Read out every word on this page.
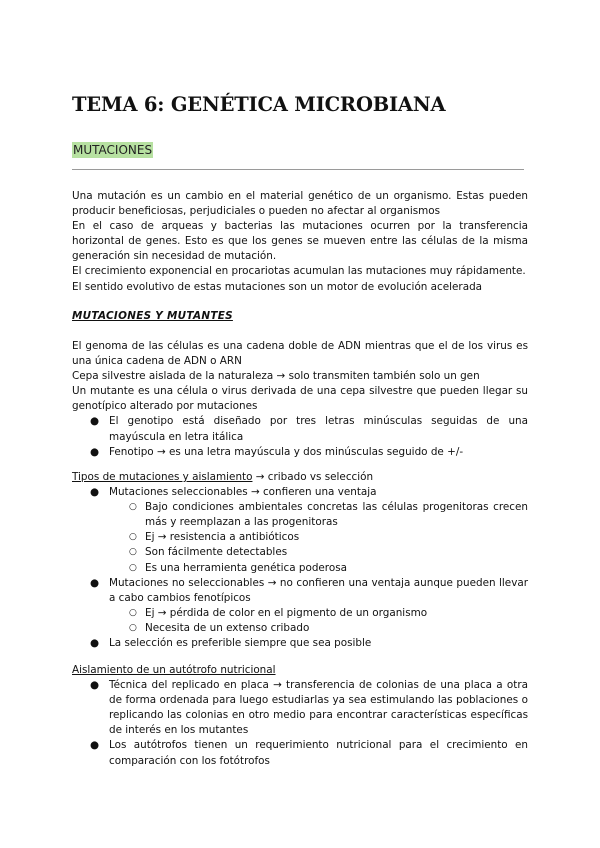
TEMA 6: GENÉTICA MICROBIANA
MUTACIONES

Una mutación es un cambio en el material genético de un organismo. Estas pueden producir beneficiosas, perjudiciales o pueden no afectar al organismos

En el caso de arqueas y bacterias las mutaciones ocurren por la transferencia horizontal de genes. Esto es que los genes se mueven entre las células de la misma generación sin necesidad de mutación.

El crecimiento exponencial en procariotas acumulan las mutaciones muy rápidamente.

El sentido evolutivo de estas mutaciones son un motor de evolución acelerada

MUTACIONES Y MUTANTES

El genoma de las células es una cadena doble de ADN mientras que el de los virus es una única cadena de ADN o ARN

Cepa silvestre aislada de la naturaleza → solo transmiten también solo un gen

Un mutante es una célula o virus derivada de una cepa silvestre que pueden llegar su genotípico alterado por mutaciones

● El genotipo está diseñado por tres letras minúsculas seguidas de una mayúscula en letra itálica
● Fenotipo → es una letra mayúscula y dos minúsculas seguido de +/-

Tipos de mutaciones y aislamiento → cribado vs selección

● Mutaciones seleccionables → confieren una ventaja
○ Bajo condiciones ambientales concretas las células progenitoras crecen más y reemplazan a las progenitoras
○ Ej → resistencia a antibióticos
○ Son fácilmente detectables
○ Es una herramienta genética poderosa
● Mutaciones no seleccionables → no confieren una ventaja aunque pueden llevar a cabo cambios fenotípicos
○ Ej → pérdida de color en el pigmento de un organismo
○ Necesita de un extenso cribado
● La selección es preferible siempre que sea posible

Aislamiento de un autótrofo nutricional

● Técnica del replicado en placa → transferencia de colonias de una placa a otra de forma ordenada para luego estudiarlas ya sea estimulando las poblaciones o replicando las colonias en otro medio para encontrar características específicas de interés en los mutantes
● Los autótrofos tienen un requerimiento nutricional para el crecimiento en comparación con los fotótrofos
